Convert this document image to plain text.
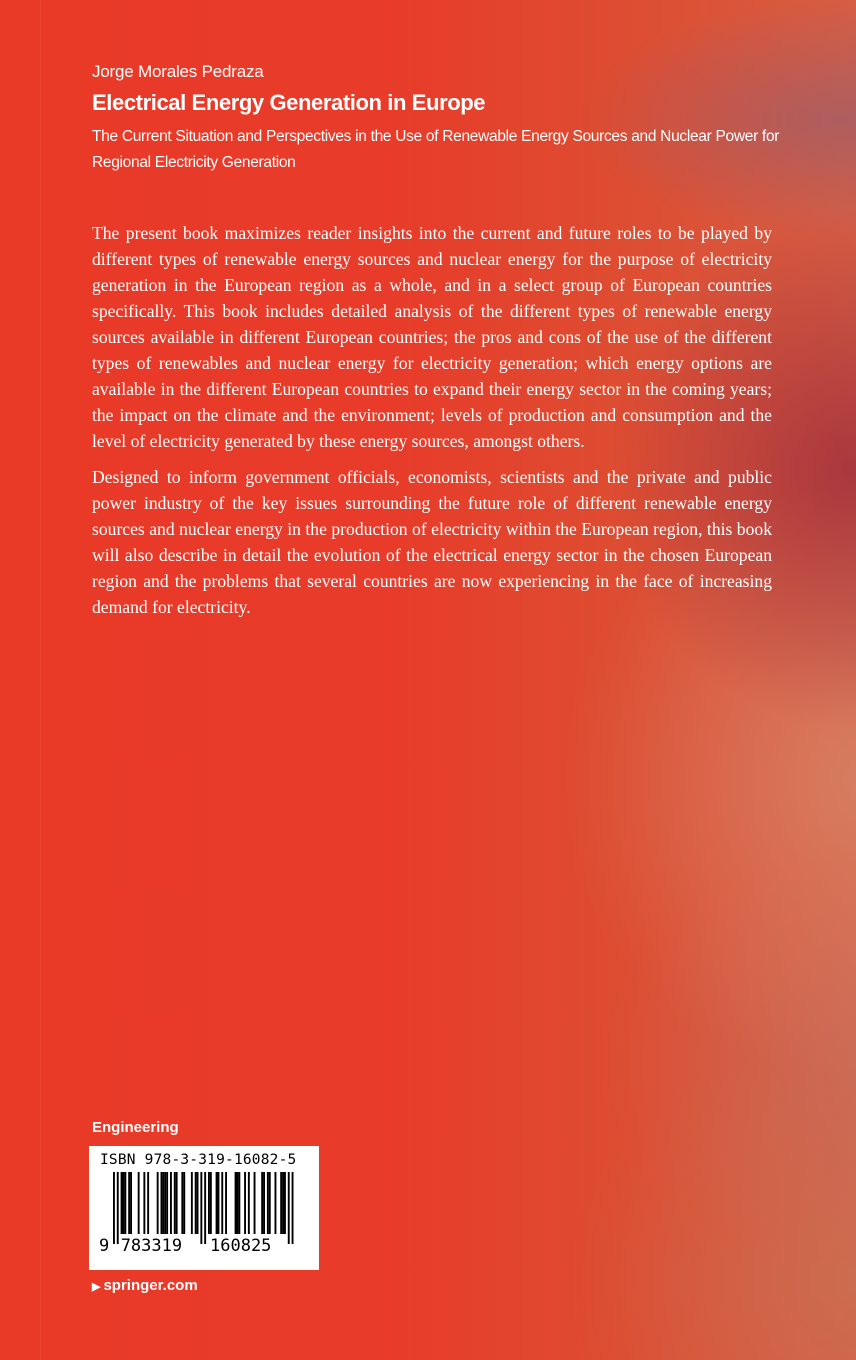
Jorge Morales Pedraza
Electrical Energy Generation in Europe

The Current Situation and Perspectives in the Use of Renewable Energy Sources and Nuclear Power for Regional Electricity Generation

The present book maximizes reader insights into the current and future roles to be played by different types of renewable energy sources and nuclear energy for the purpose of electricity generation in the European region as a whole, and in a select group of European countries specifically. This book includes detailed analysis of the different types of renewable energy sources available in different European countries; the pros and cons of the use of the different types of renewables and nuclear energy for electricity generation; which energy options are available in the different European countries to expand their energy sector in the coming years; the impact on the climate and the environment; levels of production and consumption and the level of electricity generated by these energy sources, amongst others.

Designed to inform government officials, economists, scientists and the private and public power industry of the key issues surrounding the future role of different renewable energy sources and nuclear energy in the production of electricity within the European region, this book will also describe in detail the evolution of the electrical energy sector in the chosen European region and the problems that several countries are now experiencing in the face of increasing demand for electricity.

Engineering
9 783319 160825
ISBN 978-3-319-16082-5
▶ springer.com
